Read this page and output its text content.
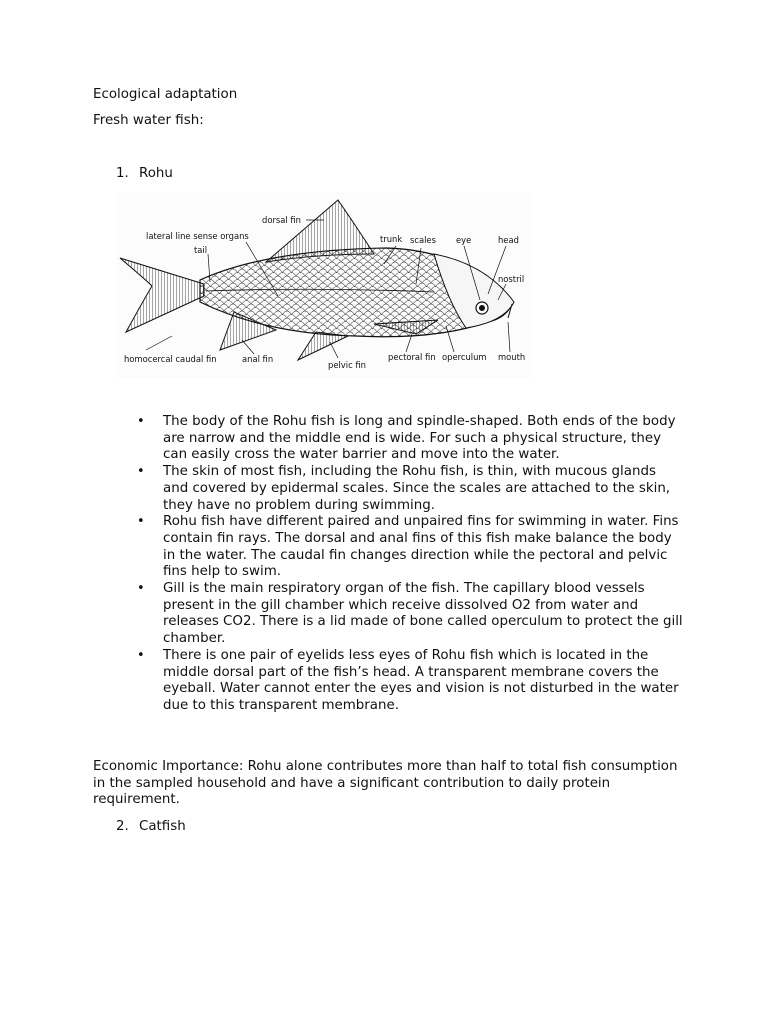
Ecological adaptation
Fresh water fish:
1. Rohu
dorsal fin
lateral line sense organs
tail
trunk scales eye	head
nostril
homocercal caudal fin	anal fin
pelvic fin
pectoral fin operculum mouth

• The body of the Rohu fish is long and spindle-shaped. Both ends of the body are narrow and the middle end is wide. For such a physical structure, they can easily cross the water barrier and move into the water.

• The skin of most fish, including the Rohu fish, is thin, with mucous glands and covered by epidermal scales. Since the scales are attached to the skin, they have no problem during swimming.

• Rohu fish have different paired and unpaired fins for swimming in water. Fins contain fin rays. The dorsal and anal fins of this fish make balance the body in the water. The caudal fin changes direction while the pectoral and pelvic fins help to swim.

• Gill is the main respiratory organ of the fish. The capillary blood vessels present in the gill chamber which receive dissolved O2 from water and releases CO2. There is a lid made of bone called operculum to protect the gill chamber.

• There is one pair of eyelids less eyes of Rohu fish which is located in the middle dorsal part of the fish’s head. A transparent membrane covers the eyeball. Water cannot enter the eyes and vision is not disturbed in the water due to this transparent membrane.

Economic Importance: Rohu alone contributes more than half to total fish consumption in the sampled household and have a significant contribution to daily protein requirement.
2. Catfish
